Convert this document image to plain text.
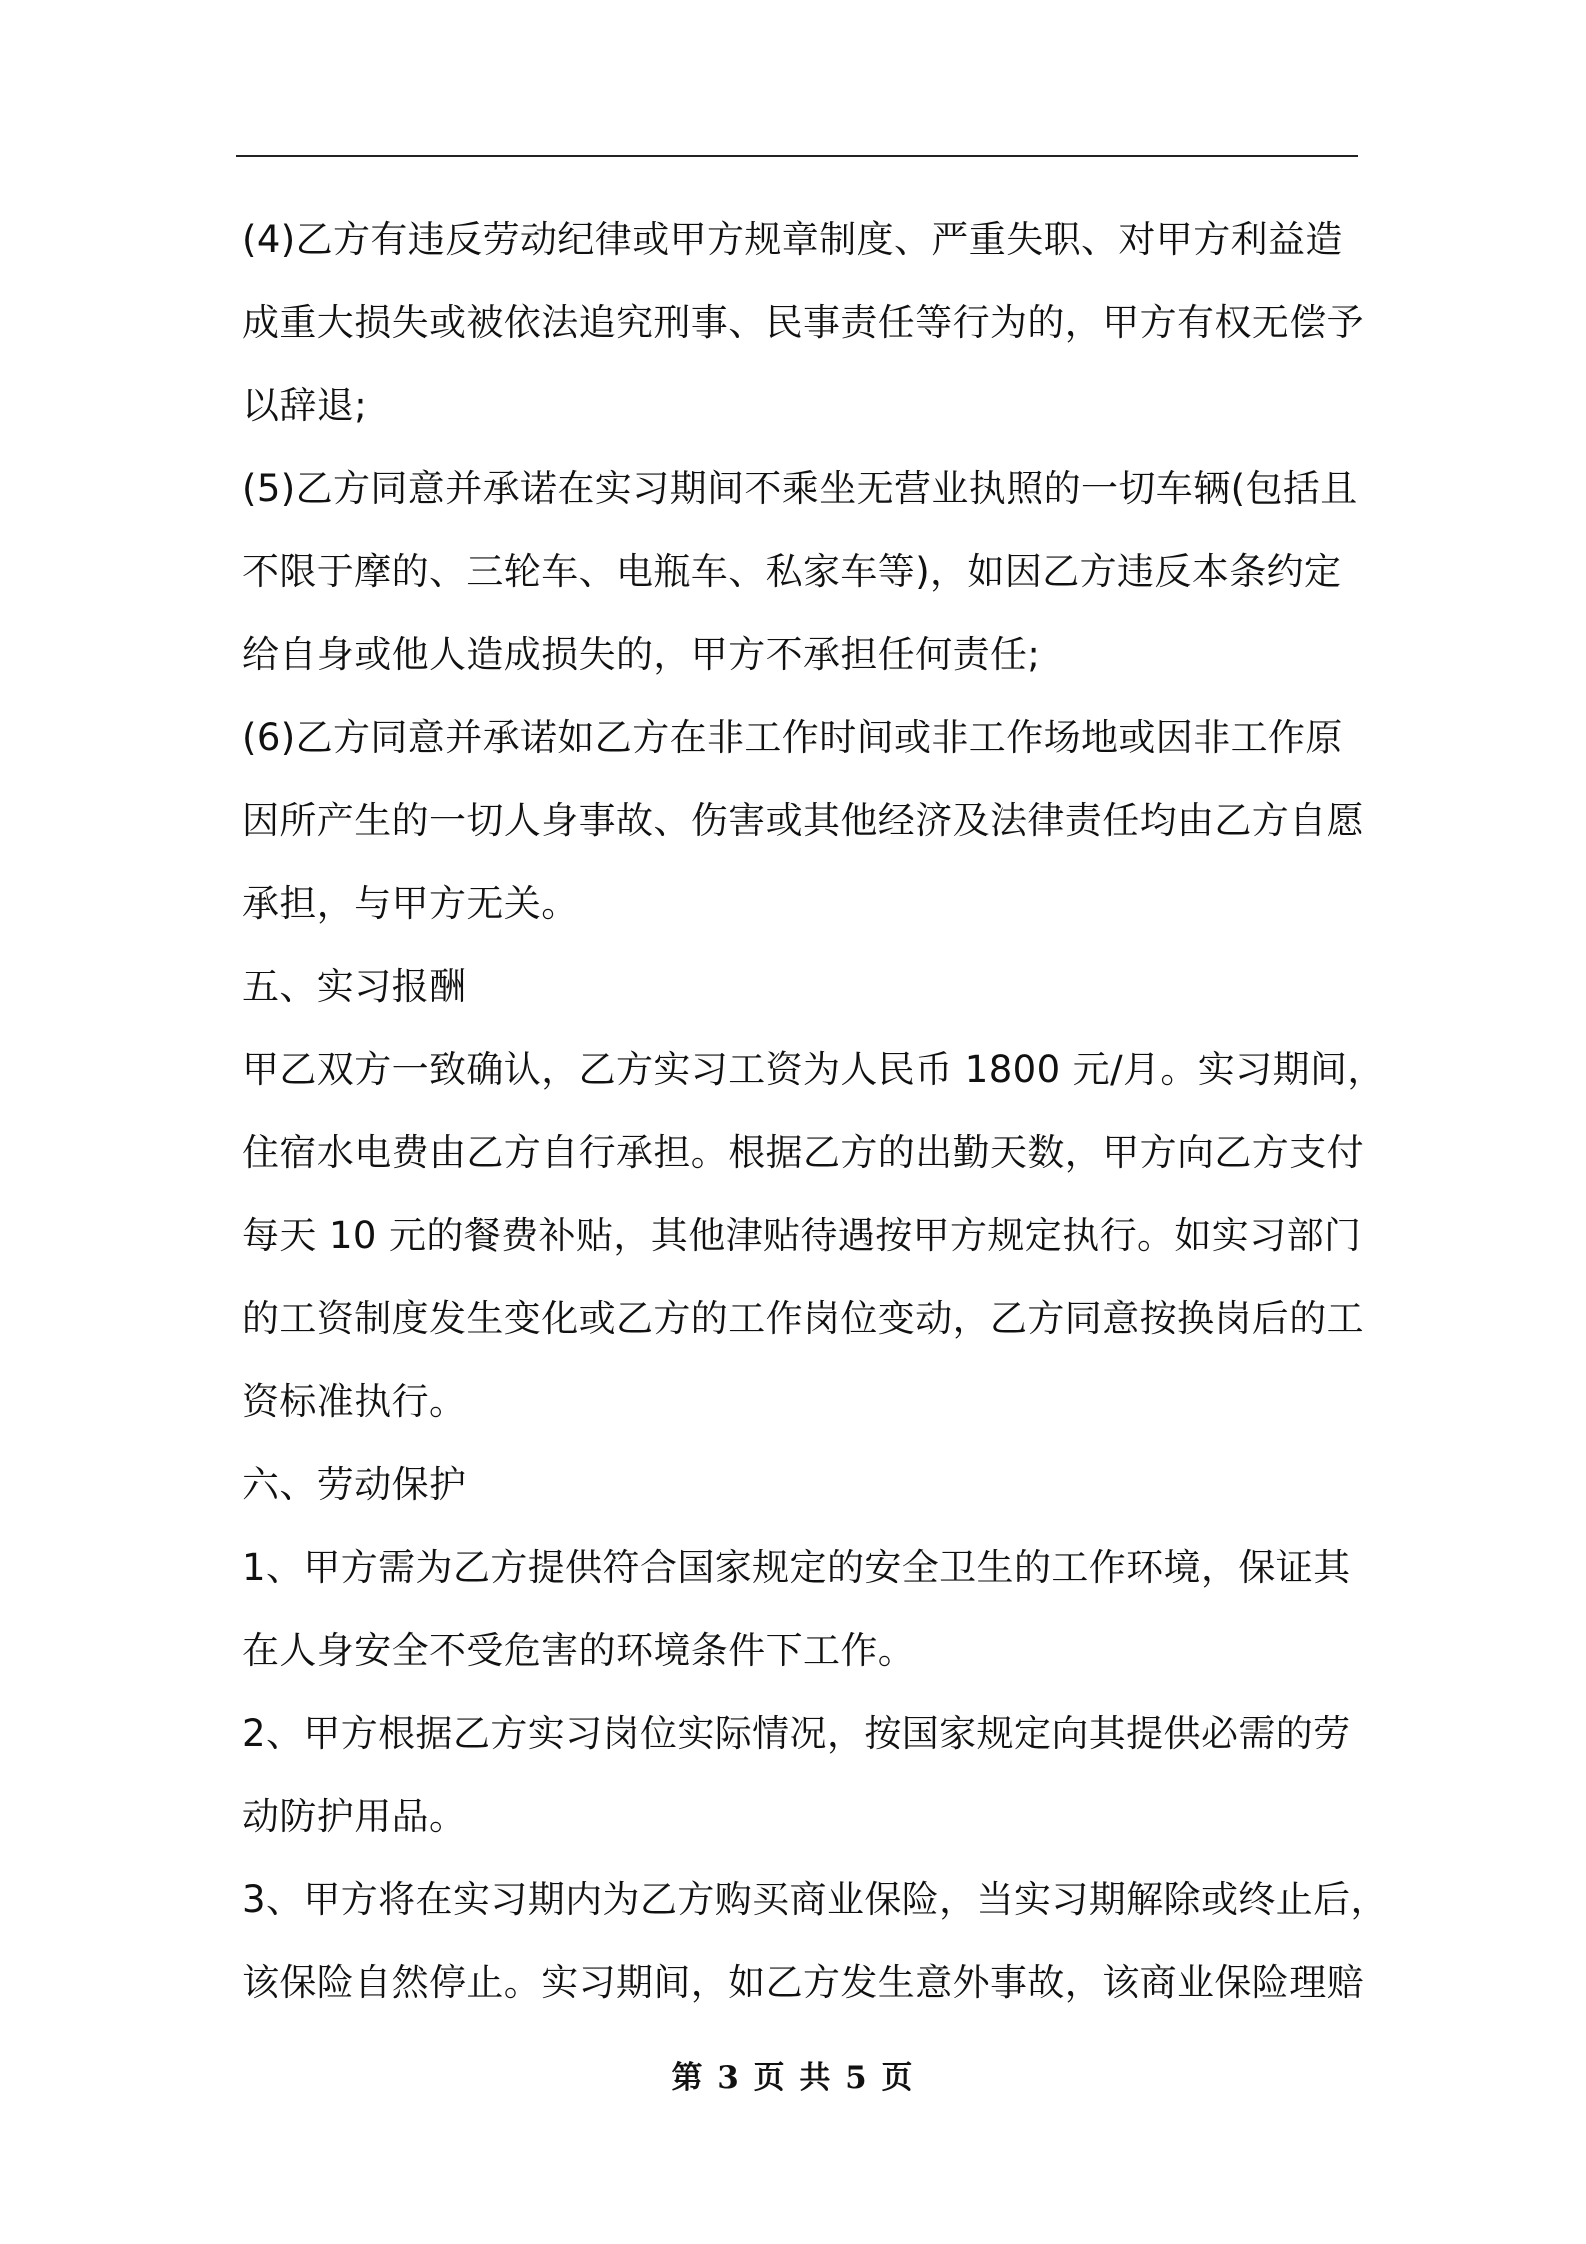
(4)乙方有违反劳动纪律或甲方规章制度、严重失职、对甲方利益造

成重大损失或被依法追究刑事、民事责任等行为的，甲方有权无偿予

以辞退;

(5)乙方同意并承诺在实习期间不乘坐无营业执照的一切车辆(包括且

不限于摩的、三轮车、电瓶车、私家车等)，如因乙方违反本条约定

给自身或他人造成损失的，甲方不承担任何责任;

(6)乙方同意并承诺如乙方在非工作时间或非工作场地或因非工作原

因所产生的一切人身事故、伤害或其他经济及法律责任均由乙方自愿

承担，与甲方无关。

五、实习报酬

甲乙双方一致确认，乙方实习工资为人民币 1800 元/月。实习期间，

住宿水电费由乙方自行承担。根据乙方的出勤天数，甲方向乙方支付

每天 10 元的餐费补贴，其他津贴待遇按甲方规定执行。如实习部门

的工资制度发生变化或乙方的工作岗位变动，乙方同意按换岗后的工

资标准执行。

六、劳动保护

1、甲方需为乙方提供符合国家规定的安全卫生的工作环境，保证其

在人身安全不受危害的环境条件下工作。

2、甲方根据乙方实习岗位实际情况，按国家规定向其提供必需的劳

动防护用品。

3、甲方将在实习期内为乙方购买商业保险，当实习期解除或终止后，

该保险自然停止。实习期间，如乙方发生意外事故，该商业保险理赔

第 3 页 共 5 页
